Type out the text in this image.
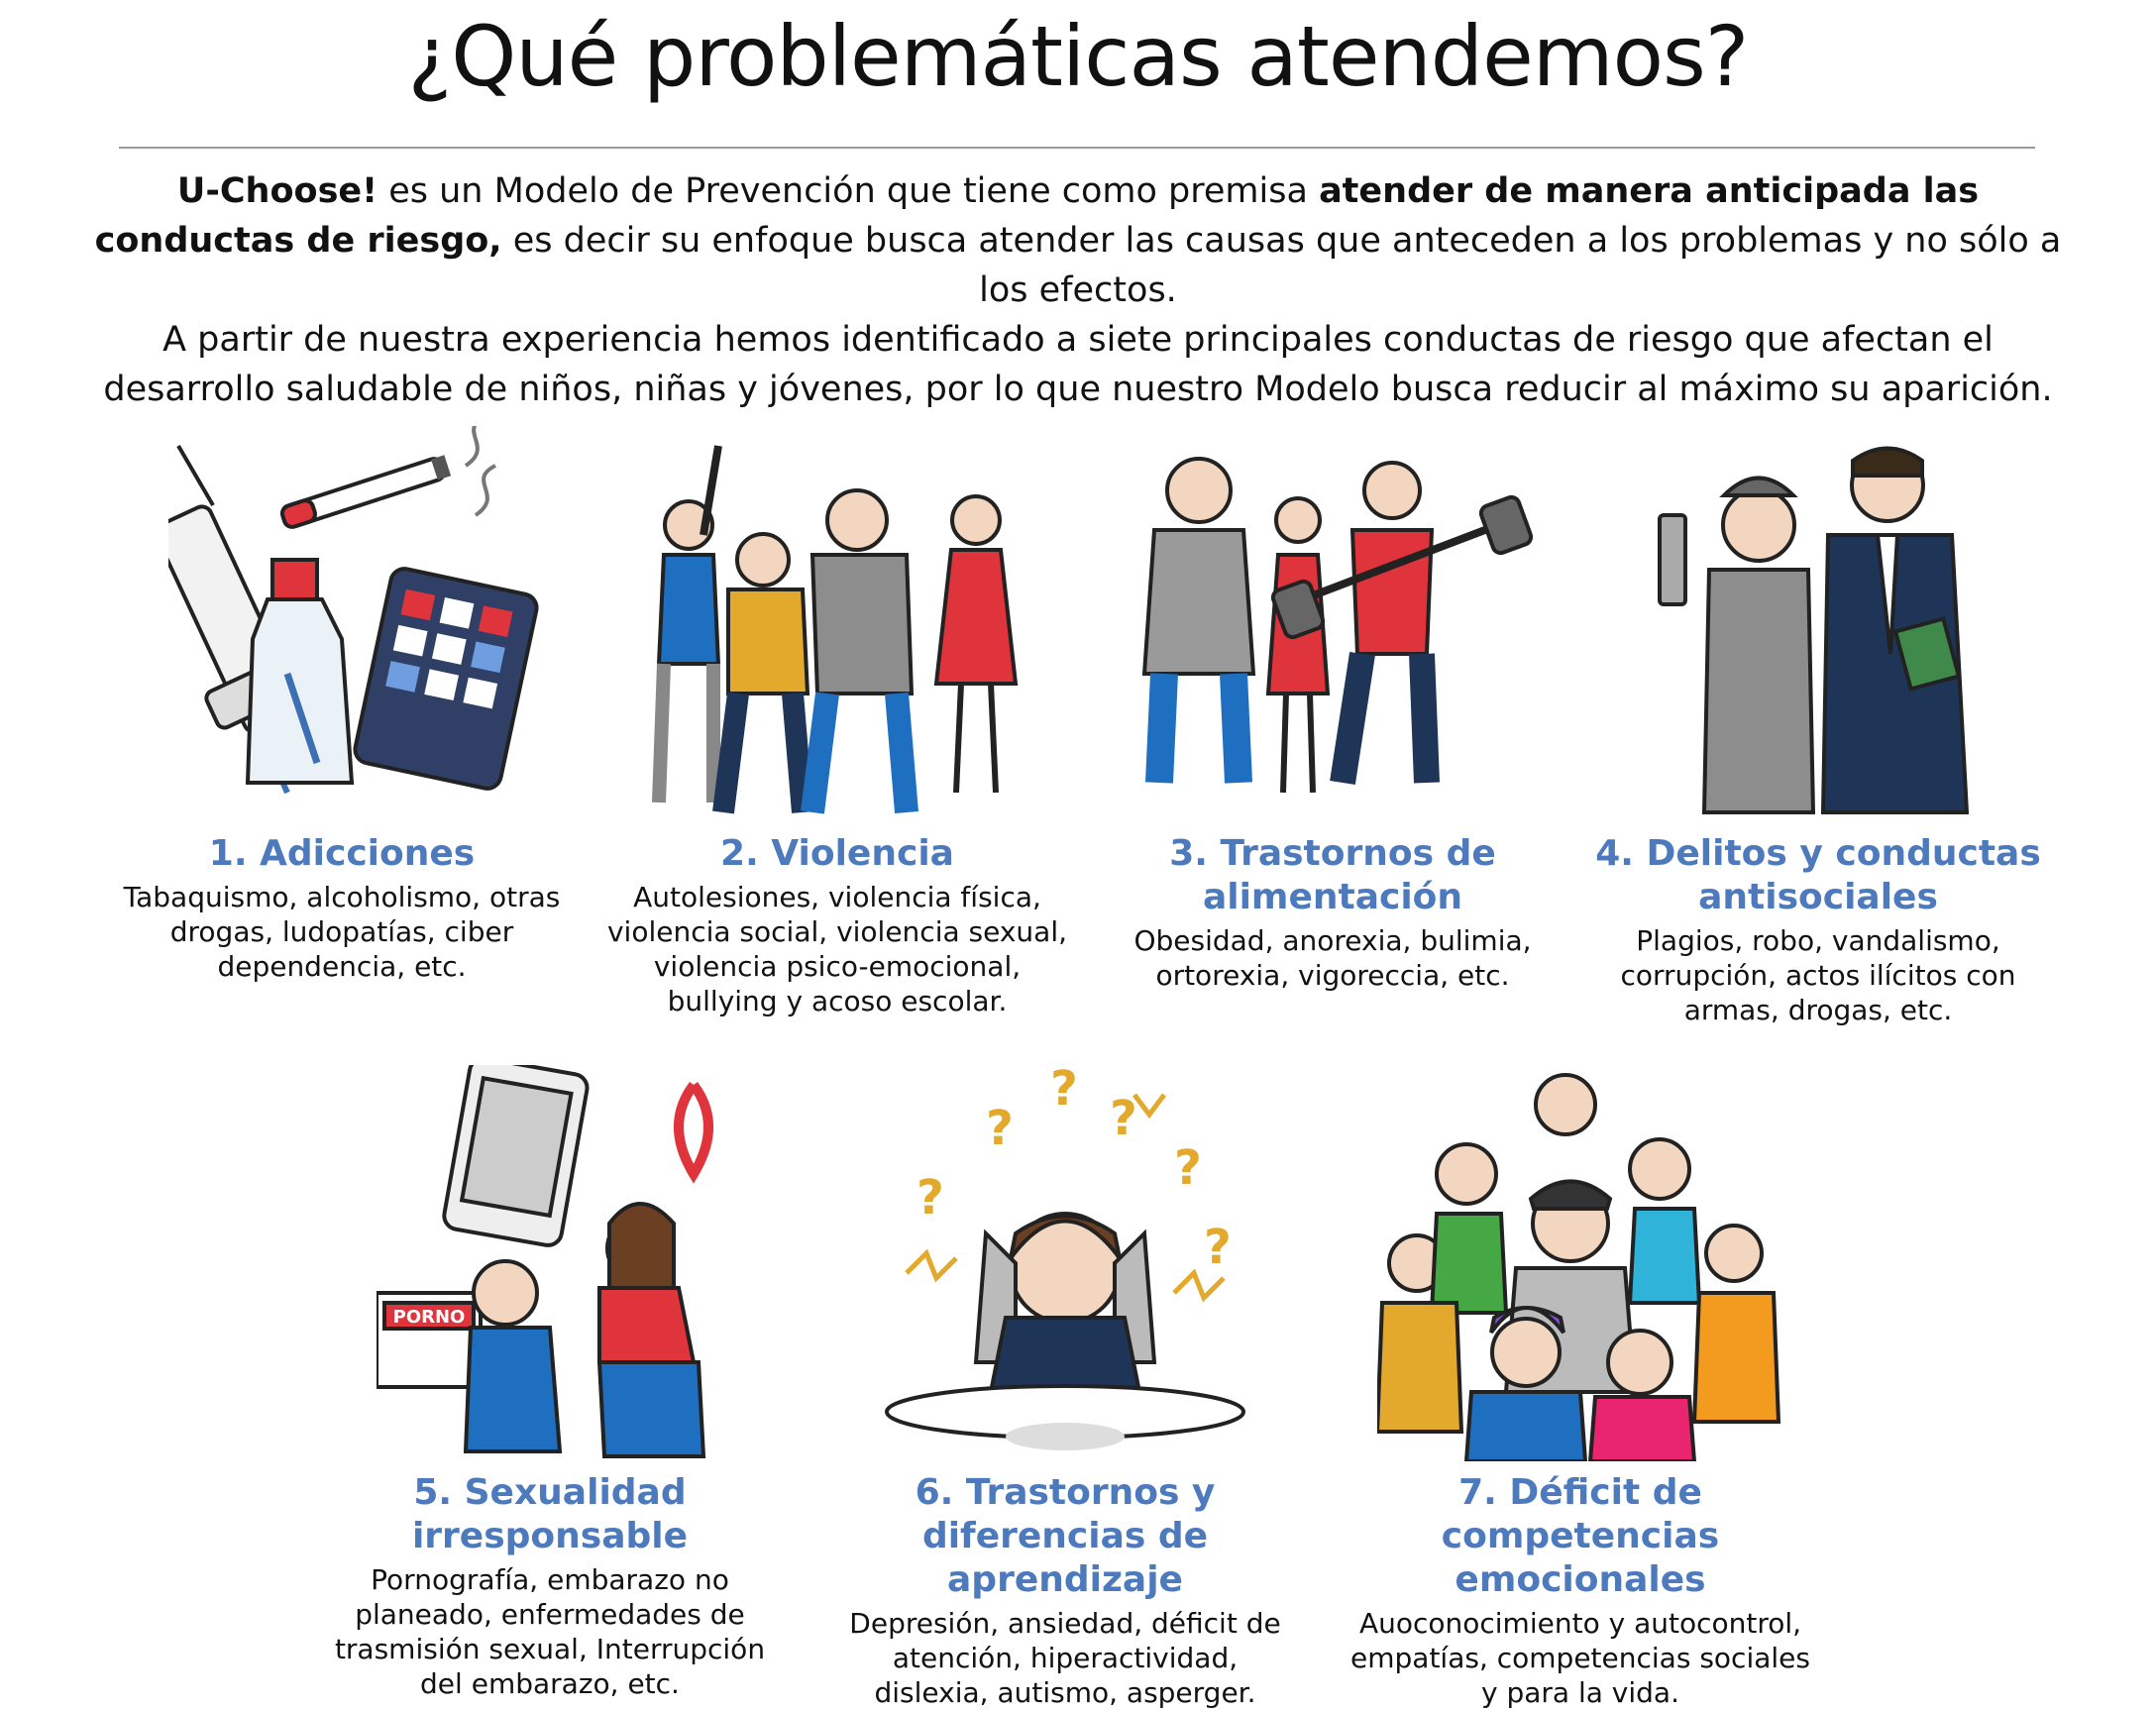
¿Qué problemáticas atendemos?
U-Choose! es un Modelo de Prevención que tiene como premisa atender de manera anticipada las conductas de riesgo, es decir su enfoque busca atender las causas que anteceden a los problemas y no sólo a los efectos.
A partir de nuestra experiencia hemos identificado a siete principales conductas de riesgo que afectan el desarrollo saludable de niños, niñas y jóvenes, por lo que nuestro Modelo busca reducir al máximo su aparición.
1. Adicciones
Tabaquismo, alcoholismo, otras drogas, ludopatías, ciber dependencia, etc.
2. Violencia
Autolesiones, violencia física, violencia social, violencia sexual, violencia psico-emocional, bullying y acoso escolar.
3. Trastornos de alimentación
Obesidad, anorexia, bulimia, ortorexia, vigoreccia, etc.
4. Delitos y conductas antisociales
Plagios, robo, vandalismo, corrupción, actos ilícitos con armas, drogas, etc.
PORNO
5. Sexualidad irresponsable
Pornografía, embarazo no planeado, enfermedades de trasmisión sexual, Interrupción del embarazo, etc.
?
?
?
?
?
?
6. Trastornos y diferencias de aprendizaje
Depresión, ansiedad, déficit de atención, hiperactividad, dislexia, autismo, asperger.
7. Déficit de competencias emocionales
Auoconocimiento y autocontrol, empatías, competencias sociales y para la vida.
